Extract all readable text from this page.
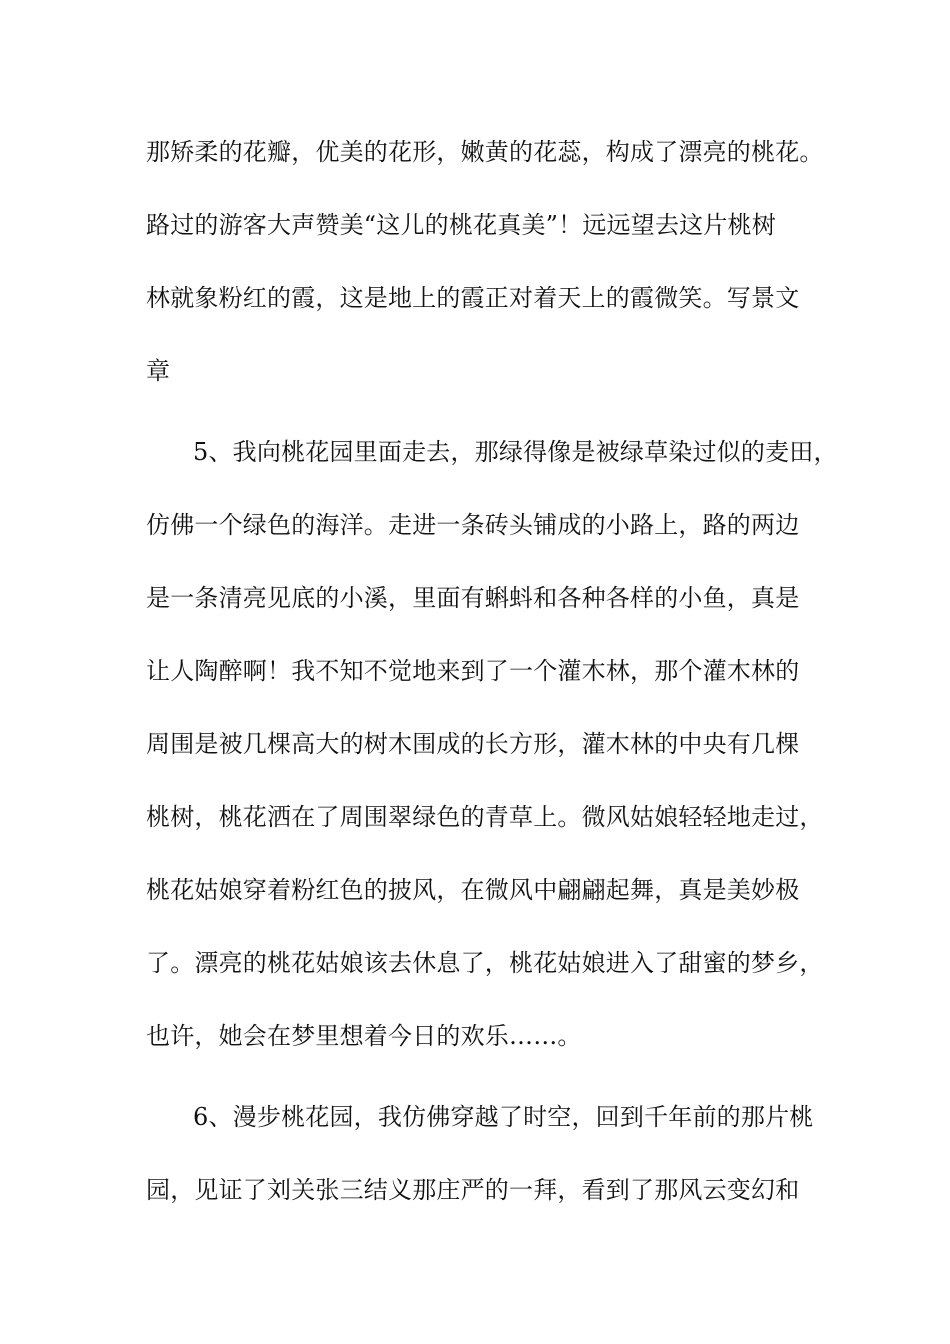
那矫柔的花瓣，优美的花形，嫩黄的花蕊，构成了漂亮的桃花。
路过的游客大声赞美“这儿的桃花真美”！远远望去这片桃树
林就象粉红的霞，这是地上的霞正对着天上的霞微笑。写景文
章
5、我向桃花园里面走去，那绿得像是被绿草染过似的麦田，
仿佛一个绿色的海洋。走进一条砖头铺成的小路上，路的两边
是一条清亮见底的小溪，里面有蝌蚪和各种各样的小鱼，真是
让人陶醉啊！我不知不觉地来到了一个灌木林，那个灌木林的
周围是被几棵高大的树木围成的长方形，灌木林的中央有几棵
桃树，桃花洒在了周围翠绿色的青草上。微风姑娘轻轻地走过，
桃花姑娘穿着粉红色的披风，在微风中翩翩起舞，真是美妙极
了。漂亮的桃花姑娘该去休息了，桃花姑娘进入了甜蜜的梦乡，
也许，她会在梦里想着今日的欢乐……。
6、漫步桃花园，我仿佛穿越了时空，回到千年前的那片桃
园，见证了刘关张三结义那庄严的一拜，看到了那风云变幻和
